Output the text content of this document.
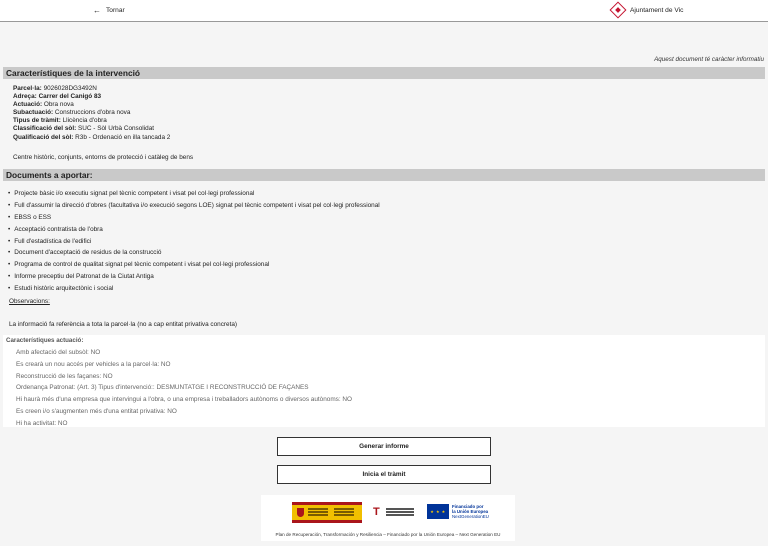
← Tornar	Ajuntament de Vic
Aquest document té caràcter informatiu
Característiques de la intervenció
Parcel·la: 9026028DG3492N
Adreça: Carrer del Canigó 83
Actuació: Obra nova
Subactuació: Construccions d'obra nova
Tipus de tràmit: Llicència d'obra
Classificació del sòl: SUC - Sòl Urbà Consolidat
Qualificació del sòl: R3b - Ordenació en illa tancada 2
Centre històric, conjunts, entorns de protecció i catàleg de bens
Documents a aportar:
• Projecte bàsic i/o executiu signat pel tècnic competent i visat pel col·legi professional
• Full d'assumir la direcció d'obres (facultativa i/o execució segons LOE) signat pel tècnic competent i visat pel col·legi professional
• EBSS o ESS
• Acceptació contratista de l'obra
• Full d'estadística de l'edifici
• Document d'acceptació de residus de la construcció
• Programa de control de qualitat signat pel tècnic competent i visat pel col·legi professional
• Informe preceptiu del Patronat de la Ciutat Antiga
• Estudi històric arquitectònic i social
Observacions:
La informació fa referència a tota la parcel·la (no a cap entitat privativa concreta)
Característiques actuació:
Amb afectació del subsòl: NO
Es crearà un nou accés per vehicles a la parcel·la: NO
Reconstrucció de les façanes: NO
Ordenança Patronat: (Art. 3) Tipus d'intervenció:: DESMUNTATGE I RECONSTRUCCIÓ DE FAÇANES
Hi haurà més d'una empresa que intervingui a l'obra, o una empresa i treballadors autònoms o diversos autònoms: NO
Es creen i/o s'augmenten més d'una entitat privativa: NO
Hi ha activitat: NO
Generar informe
Inicia el tràmit
T	★ ★ ★
Financiado por
la Unión Europea
NextGenerationEU
Plan de Recuperación, Transformación y Resiliencia – Financiado por la Unión Europea – Next Generation EU
